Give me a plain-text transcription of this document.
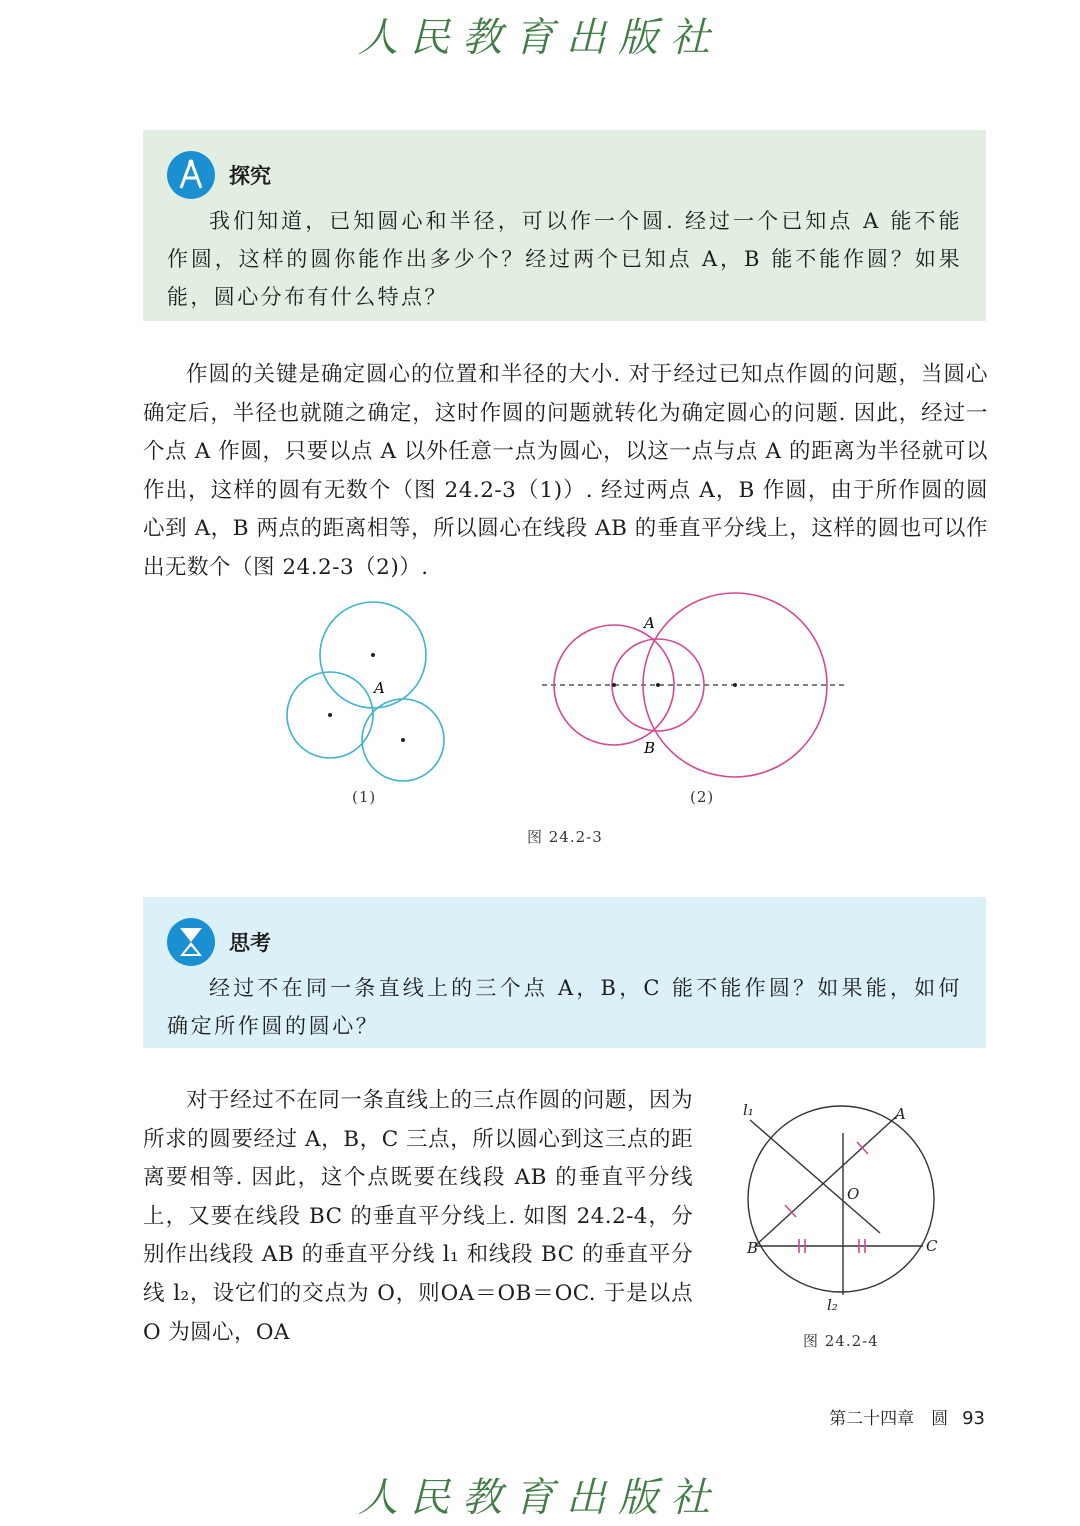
人民教育出版社
探究

我们知道，已知圆心和半径，可以作一个圆. 经过一个已知点 A 能不能作圆，这样的圆你能作出多少个？经过两个已知点 A，B 能不能作圆？如果能，圆心分布有什么特点？

作圆的关键是确定圆心的位置和半径的大小. 对于经过已知点作圆的问题，当圆心确定后，半径也就随之确定，这时作圆的问题就转化为确定圆心的问题. 因此，经过一个点 A 作圆，只要以点 A 以外任意一点为圆心，以这一点与点 A 的距离为半径就可以作出，这样的圆有无数个（图 24.2-3（1)）. 经过两点 A，B 作圆，由于所作圆的圆心到 A，B 两点的距离相等，所以圆心在线段 AB 的垂直平分线上，这样的圆也可以作出无数个（图 24.2-3（2)）.

A
(1)
A
B
(2)
图 24.2-3
思考

经过不在同一条直线上的三个点 A，B，C 能不能作圆？如果能，如何确定所作圆的圆心？

对于经过不在同一条直线上的三点作圆的问题，因为所求的圆要经过 A，B，C 三点，所以圆心到这三点的距离要相等. 因此，这个点既要在线段 AB 的垂直平分线上，又要在线段 BC 的垂直平分线上. 如图 24.2-4，分别作出线段 AB 的垂直平分线 l₁ 和线段 BC 的垂直平分线 l₂，设它们的交点为 O，则OA＝OB＝OC. 于是以点 O 为圆心，OA

l₁
l₂
A
B	C
O
图 24.2-4
第二十四章　圆 93
人民教育出版社
